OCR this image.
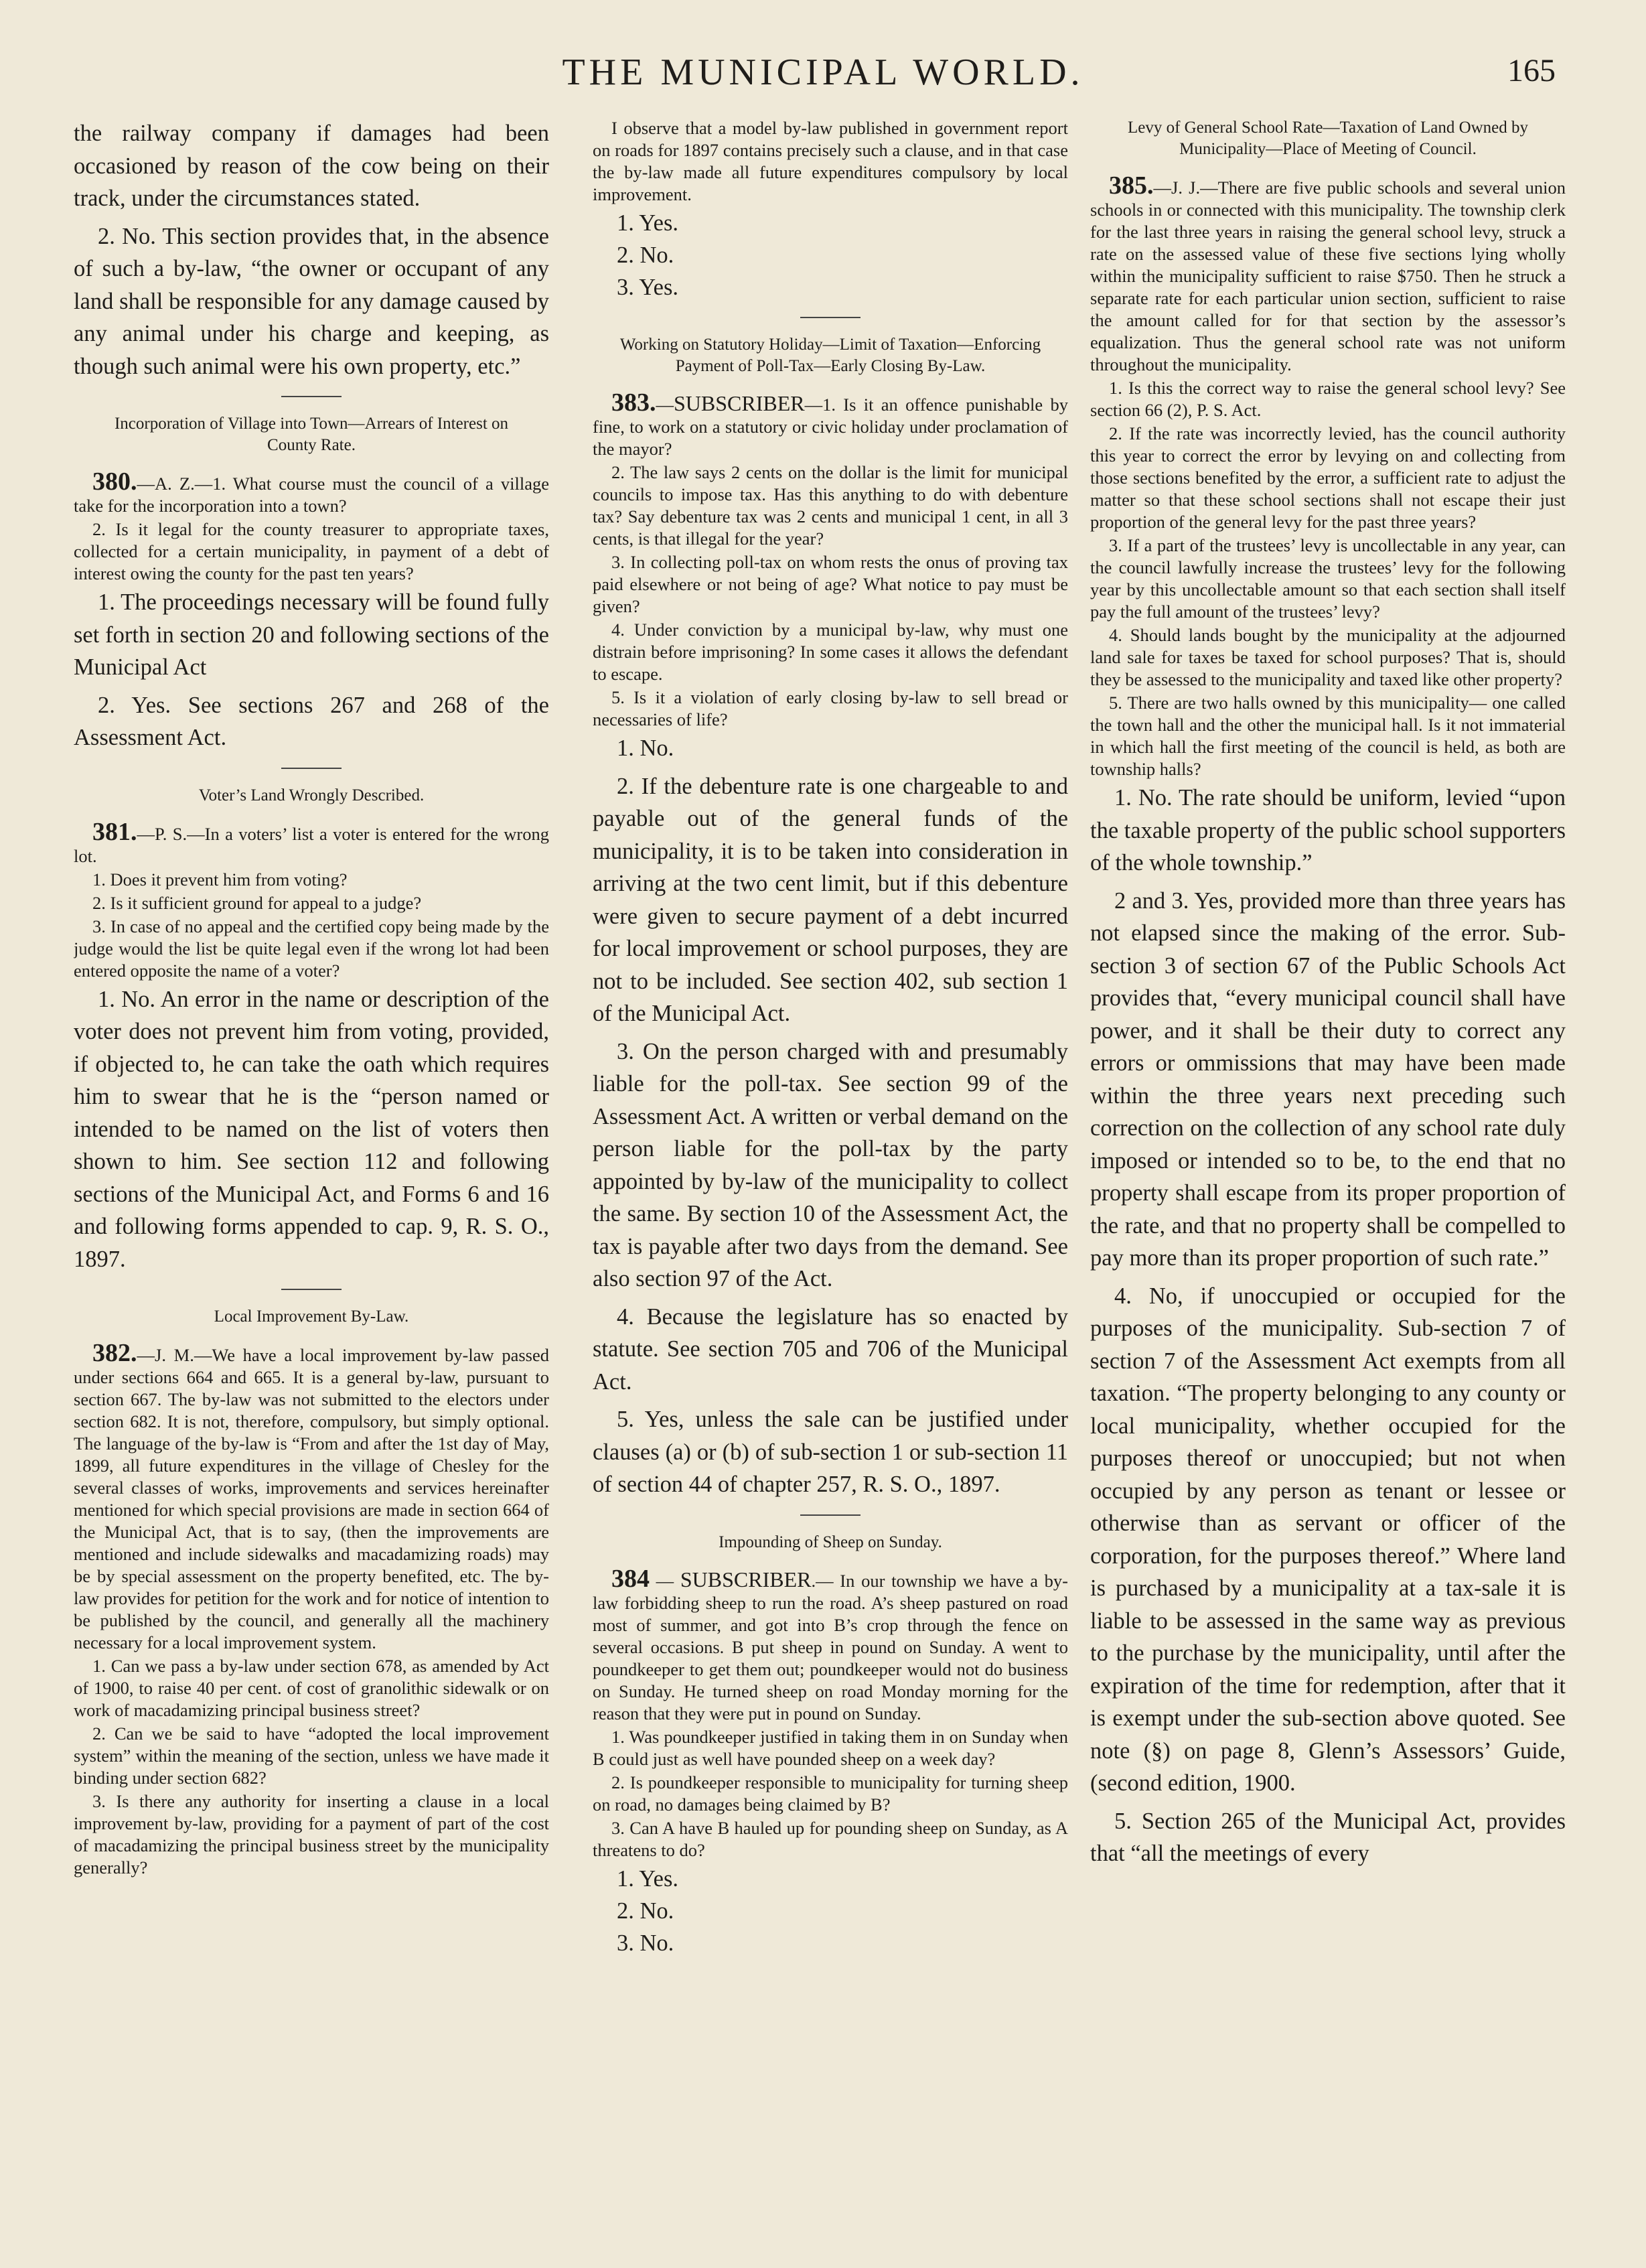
THE MUNICIPAL WORLD.	165

the railway company if damages had been occasioned by reason of the cow being on their track, under the circumstances stated.

2. No. This section provides that, in the absence of such a by-law, “the owner or occupant of any land shall be responsible for any damage caused by any animal under his charge and keeping, as though such animal were his own property, etc.”

Incorporation of Village into Town—Arrears of Interest on County Rate.

380.—A. Z.—1. What course must the council of a village take for the incorporation into a town?

2. Is it legal for the county treasurer to appropriate taxes, collected for a certain municipality, in payment of a debt of interest owing the county for the past ten years?

1. The proceedings necessary will be found fully set forth in section 20 and following sections of the Municipal Act

2. Yes. See sections 267 and 268 of the Assessment Act.

Voter’s Land Wrongly Described.

381.—P. S.—In a voters’ list a voter is entered for the wrong lot.

1. Does it prevent him from voting?

2. Is it sufficient ground for appeal to a judge?

3. In case of no appeal and the certified copy being made by the judge would the list be quite legal even if the wrong lot had been entered opposite the name of a voter?

1. No. An error in the name or description of the voter does not prevent him from voting, provided, if objected to, he can take the oath which requires him to swear that he is the “person named or intended to be named on the list of voters then shown to him. See section 112 and following sections of the Municipal Act, and Forms 6 and 16 and following forms appended to cap. 9, R. S. O., 1897.

Local Improvement By-Law.

382.—J. M.—We have a local improvement by-law passed under sections 664 and 665. It is a general by-law, pursuant to section 667. The by-law was not submitted to the electors under section 682. It is not, therefore, compulsory, but simply optional. The language of the by-law is “From and after the 1st day of May, 1899, all future expenditures in the village of Chesley for the several classes of works, improvements and services hereinafter mentioned for which special provisions are made in section 664 of the Municipal Act, that is to say, (then the improvements are mentioned and include sidewalks and macadamizing roads) may be by special assessment on the property benefited, etc. The by-law provides for petition for the work and for notice of intention to be published by the council, and generally all the machinery necessary for a local improvement system.

1. Can we pass a by-law under section 678, as amended by Act of 1900, to raise 40 per cent. of cost of granolithic sidewalk or on work of macadamizing principal business street?

2. Can we be said to have “adopted the local improvement system” within the meaning of the section, unless we have made it binding under section 682?

3. Is there any authority for inserting a clause in a local improvement by-law, providing for a payment of part of the cost of macadamizing the principal business street by the municipality generally?

I observe that a model by-law published in government report on roads for 1897 contains precisely such a clause, and in that case the by-law made all future expenditures compulsory by local improvement.

1. Yes.
2. No.
3. Yes.
Working on Statutory Holiday—Limit of Taxation—Enforcing Payment of Poll-Tax—Early Closing By-Law.

383.—SUBSCRIBER—1. Is it an offence punishable by fine, to work on a statutory or civic holiday under proclamation of the mayor?

2. The law says 2 cents on the dollar is the limit for municipal councils to impose tax. Has this anything to do with debenture tax? Say debenture tax was 2 cents and municipal 1 cent, in all 3 cents, is that illegal for the year?

3. In collecting poll-tax on whom rests the onus of proving tax paid elsewhere or not being of age? What notice to pay must be given?

4. Under conviction by a municipal by-law, why must one distrain before imprisoning? In some cases it allows the defendant to escape.

5. Is it a violation of early closing by-law to sell bread or necessaries of life?

1. No.

2. If the debenture rate is one chargeable to and payable out of the general funds of the municipality, it is to be taken into consideration in arriving at the two cent limit, but if this debenture were given to secure payment of a debt incurred for local improvement or school purposes, they are not to be included. See section 402, sub section 1 of the Municipal Act.

3. On the person charged with and presumably liable for the poll-tax. See section 99 of the Assessment Act. A written or verbal demand on the person liable for the poll-tax by the party appointed by by-law of the municipality to collect the same. By section 10 of the Assessment Act, the tax is payable after two days from the demand. See also section 97 of the Act.

4. Because the legislature has so enacted by statute. See section 705 and 706 of the Municipal Act.

5. Yes, unless the sale can be justified under clauses (a) or (b) of sub-section 1 or sub-section 11 of section 44 of chapter 257, R. S. O., 1897.

Impounding of Sheep on Sunday.

384 — SUBSCRIBER.— In our township we have a by-law forbidding sheep to run the road. A’s sheep pastured on road most of summer, and got into B’s crop through the fence on several occasions. B put sheep in pound on Sunday. A went to poundkeeper to get them out; poundkeeper would not do business on Sunday. He turned sheep on road Monday morning for the reason that they were put in pound on Sunday.

1. Was poundkeeper justified in taking them in on Sunday when B could just as well have pounded sheep on a week day?

2. Is poundkeeper responsible to municipality for turning sheep on road, no damages being claimed by B?

3. Can A have B hauled up for pounding sheep on Sunday, as A threatens to do?

1. Yes.
2. No.
3. No.
Levy of General School Rate—Taxation of Land Owned by Municipality—Place of Meeting of Council.

385.—J. J.—There are five public schools and several union schools in or connected with this municipality. The township clerk for the last three years in raising the general school levy, struck a rate on the assessed value of these five sections lying wholly within the municipality sufficient to raise $750. Then he struck a separate rate for each particular union section, sufficient to raise the amount called for for that section by the assessor’s equalization. Thus the general school rate was not uniform throughout the municipality.

1. Is this the correct way to raise the general school levy? See section 66 (2), P. S. Act.

2. If the rate was incorrectly levied, has the council authority this year to correct the error by levying on and collecting from those sections benefited by the error, a sufficient rate to adjust the matter so that these school sections shall not escape their just proportion of the general levy for the past three years?

3. If a part of the trustees’ levy is uncollectable in any year, can the council lawfully increase the trustees’ levy for the following year by this uncollectable amount so that each section shall itself pay the full amount of the trustees’ levy?

4. Should lands bought by the municipality at the adjourned land sale for taxes be taxed for school purposes? That is, should they be assessed to the municipality and taxed like other property?

5. There are two halls owned by this municipality— one called the town hall and the other the municipal hall. Is it not immaterial in which hall the first meeting of the council is held, as both are township halls?

1. No. The rate should be uniform, levied “upon the taxable property of the public school supporters of the whole township.”

2 and 3. Yes, provided more than three years has not elapsed since the making of the error. Sub-section 3 of section 67 of the Public Schools Act provides that, “every municipal council shall have power, and it shall be their duty to correct any errors or ommissions that may have been made within the three years next preceding such correction on the collection of any school rate duly imposed or intended so to be, to the end that no property shall escape from its proper proportion of the rate, and that no property shall be compelled to pay more than its proper proportion of such rate.”

4. No, if unoccupied or occupied for the purposes of the municipality. Sub-section 7 of section 7 of the Assessment Act exempts from all taxation. “The property belonging to any county or local municipality, whether occupied for the purposes thereof or unoccupied; but not when occupied by any person as tenant or lessee or otherwise than as servant or officer of the corporation, for the purposes thereof.” Where land is purchased by a municipality at a tax-sale it is liable to be assessed in the same way as previous to the purchase by the municipality, until after the expiration of the time for redemption, after that it is exempt under the sub-section above quoted. See note (§) on page 8, Glenn’s Assessors’ Guide, (second edition, 1900.

5. Section 265 of the Municipal Act, provides that “all the meetings of every
